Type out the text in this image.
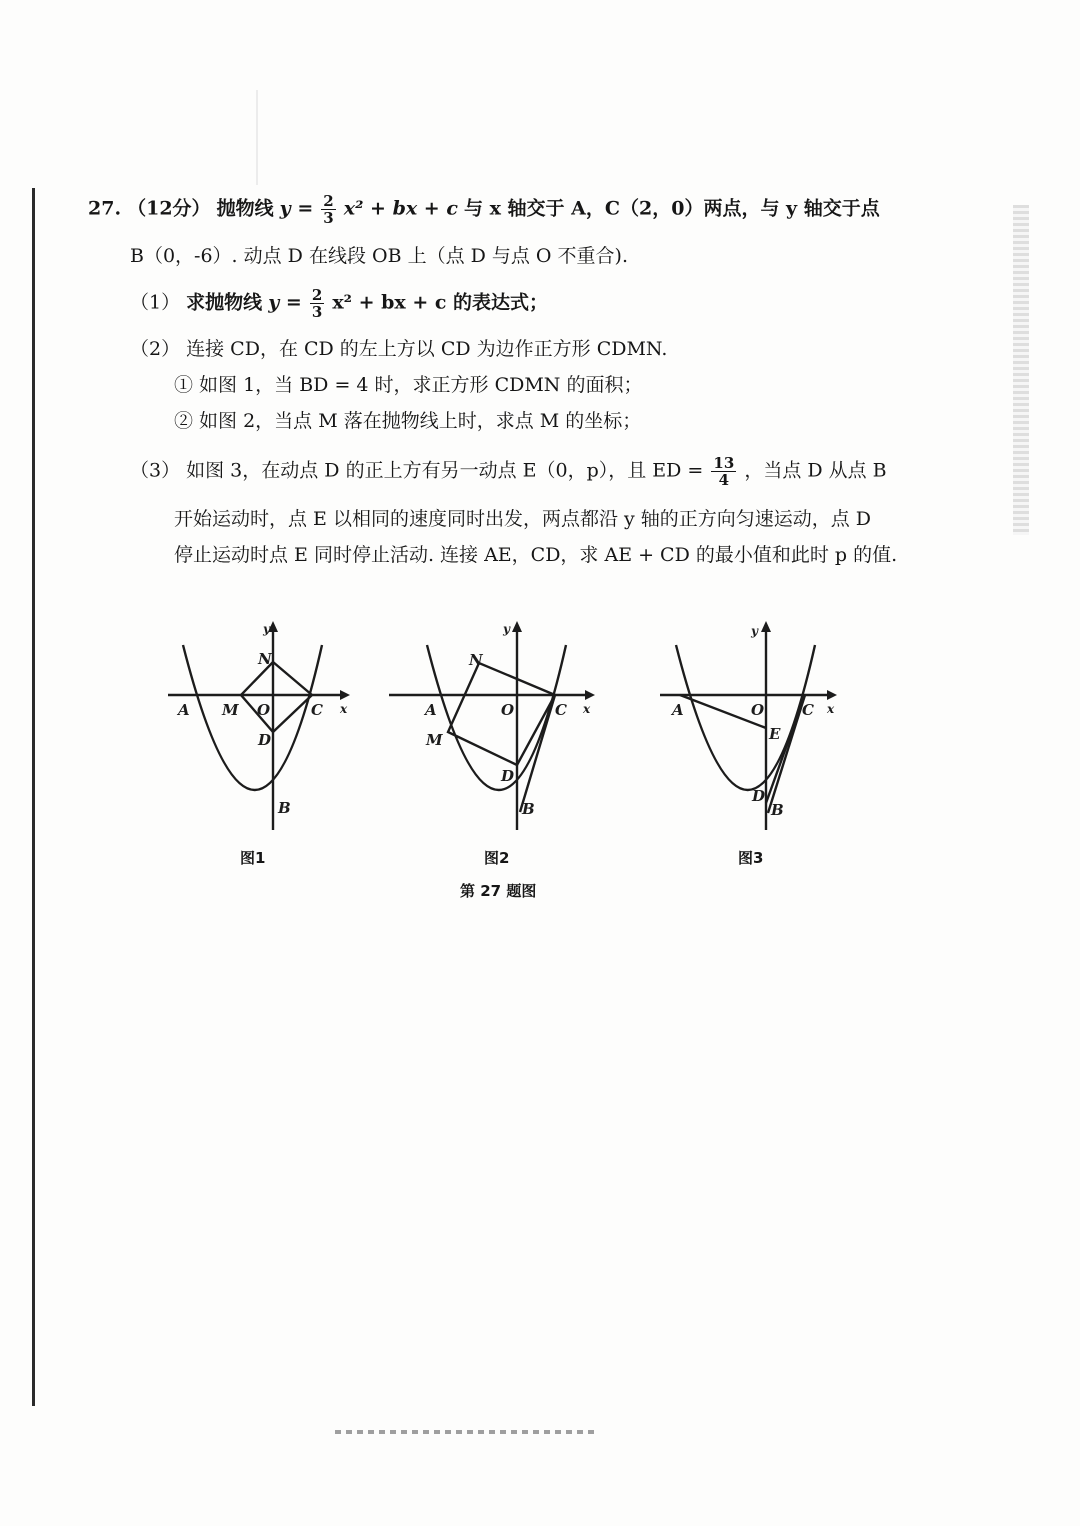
27. （12分） 抛物线 $y = \frac{2}{3} x^2$ + bx + c 与 x 轴交于 A，C（2，0）两点，与 y 轴交于点
B（0，-6）. 动点 D 在线段 OB 上（点 D 与点 O 不重合).
（1） 求抛物线 $y = \frac{2}{3} x^2$ + bx + c 的表达式；
（2） 连接 CD，在 CD 的左上方以 CD 为边作正方形 CDMN.
① 如图 1，当 BD = 4 时，求正方形 CDMN 的面积；
② 如图 2，当点 M 落在抛物线上时，求点 M 的坐标；
（3） 如图 3，在动点 D 的正上方有另一动点 E（0，p），且 ED = $\frac{13}{4}$ ，当点 D 从点 B
开始运动时，点 E 以相同的速度同时出发，两点都沿 y 轴的正方向匀速运动，点 D
停止运动时点 E 同时停止活动. 连接 AE，CD，求 AE + CD 的最小值和此时 p 的值.
y
x
A M O	C
N
D
B
y
x
A
M
O	C
N
D
B
y
x
A	O	C
E
D
B
图1	图2	图3
第 27 题图
